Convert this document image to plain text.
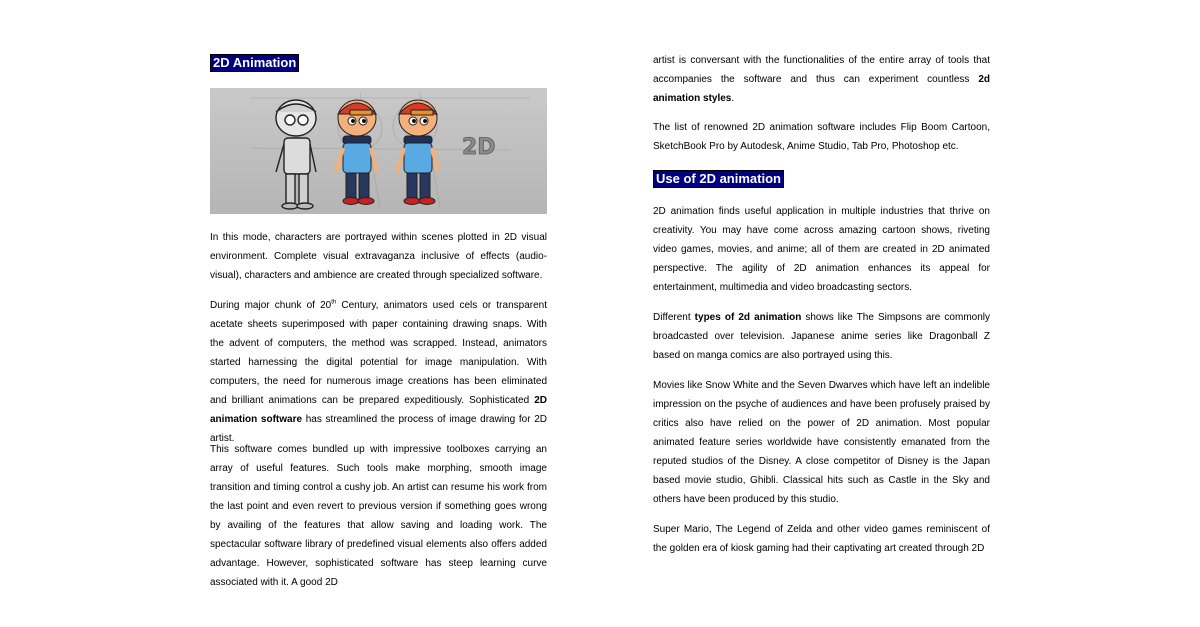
2D Animation
2D

In this mode, characters are portrayed within scenes plotted in 2D visual environment. Complete visual extravaganza inclusive of effects (audio-visual), characters and ambience are created through specialized software.

During major chunk of 20th Century, animators used cels or transparent acetate sheets superimposed with paper containing drawing snaps. With the advent of computers, the method was scrapped. Instead, animators started harnessing the digital potential for image manipulation. With computers, the need for numerous image creations has been eliminated and brilliant animations can be prepared expeditiously. Sophisticated 2D animation software has streamlined the process of image drawing for 2D artist.

This software comes bundled up with impressive toolboxes carrying an array of useful features. Such tools make morphing, smooth image transition and timing control a cushy job. An artist can resume his work from the last point and even revert to previous version if something goes wrong by availing of the features that allow saving and loading work. The spectacular software library of predefined visual elements also offers added advantage. However, sophisticated software has steep learning curve associated with it. A good 2D

artist is conversant with the functionalities of the entire array of tools that accompanies the software and thus can experiment countless 2d animation styles.

The list of renowned 2D animation software includes Flip Boom Cartoon, SketchBook Pro by Autodesk, Anime Studio, Tab Pro, Photoshop etc.

Use of 2D animation

2D animation finds useful application in multiple industries that thrive on creativity. You may have come across amazing cartoon shows, riveting video games, movies, and anime; all of them are created in 2D animated perspective. The agility of 2D animation enhances its appeal for entertainment, multimedia and video broadcasting sectors.

Different types of 2d animation shows like The Simpsons are commonly broadcasted over television. Japanese anime series like Dragonball Z based on manga comics are also portrayed using this.

Movies like Snow White and the Seven Dwarves which have left an indelible impression on the psyche of audiences and have been profusely praised by critics also have relied on the power of 2D animation. Most popular animated feature series worldwide have consistently emanated from the reputed studios of the Disney. A close competitor of Disney is the Japan based movie studio, Ghibli. Classical hits such as Castle in the Sky and others have been produced by this studio.

Super Mario, The Legend of Zelda and other video games reminiscent of the golden era of kiosk gaming had their captivating art created through 2D
